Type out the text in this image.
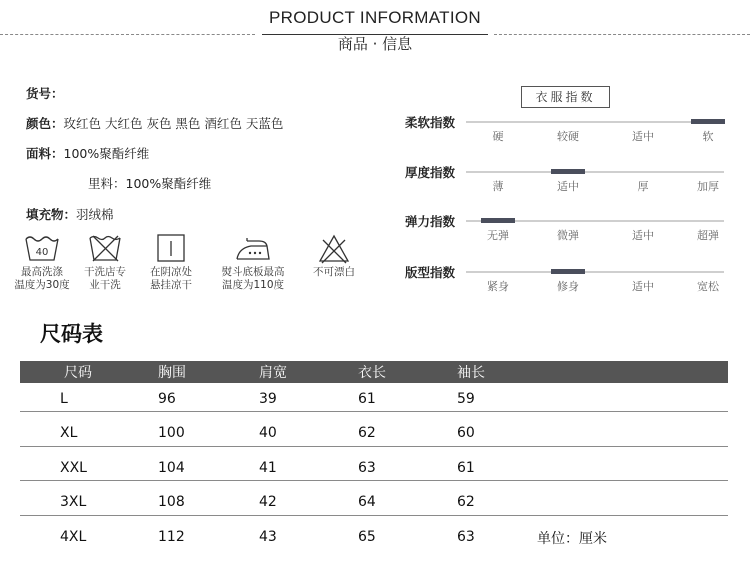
PRODUCT INFORMATION
商品 · 信息
货号：
颜色：玫红色 大红色 灰色 黑色 酒红色 天蓝色
面料：100%聚酯纤维
里料：100%聚酯纤维
填充物：羽绒棉
40
最高洗涤
温度为30度
干洗店专
业干洗
在阴凉处
悬挂凉干
熨斗底板最高
温度为110度
不可漂白
衣服指数
柔软指数
硬	较硬	适中	软
厚度指数
薄	适中	厚	加厚
弹力指数
无弹	微弹	适中	超弹
版型指数
紧身	修身	适中	宽松
尺码表
尺码	胸围	肩宽	衣长	袖长
L	96	39	61	59
XL	100	40	62	60
XXL	104	41	63	61
3XL	108	42	64	62
4XL	112	43	65	63	单位：厘米
